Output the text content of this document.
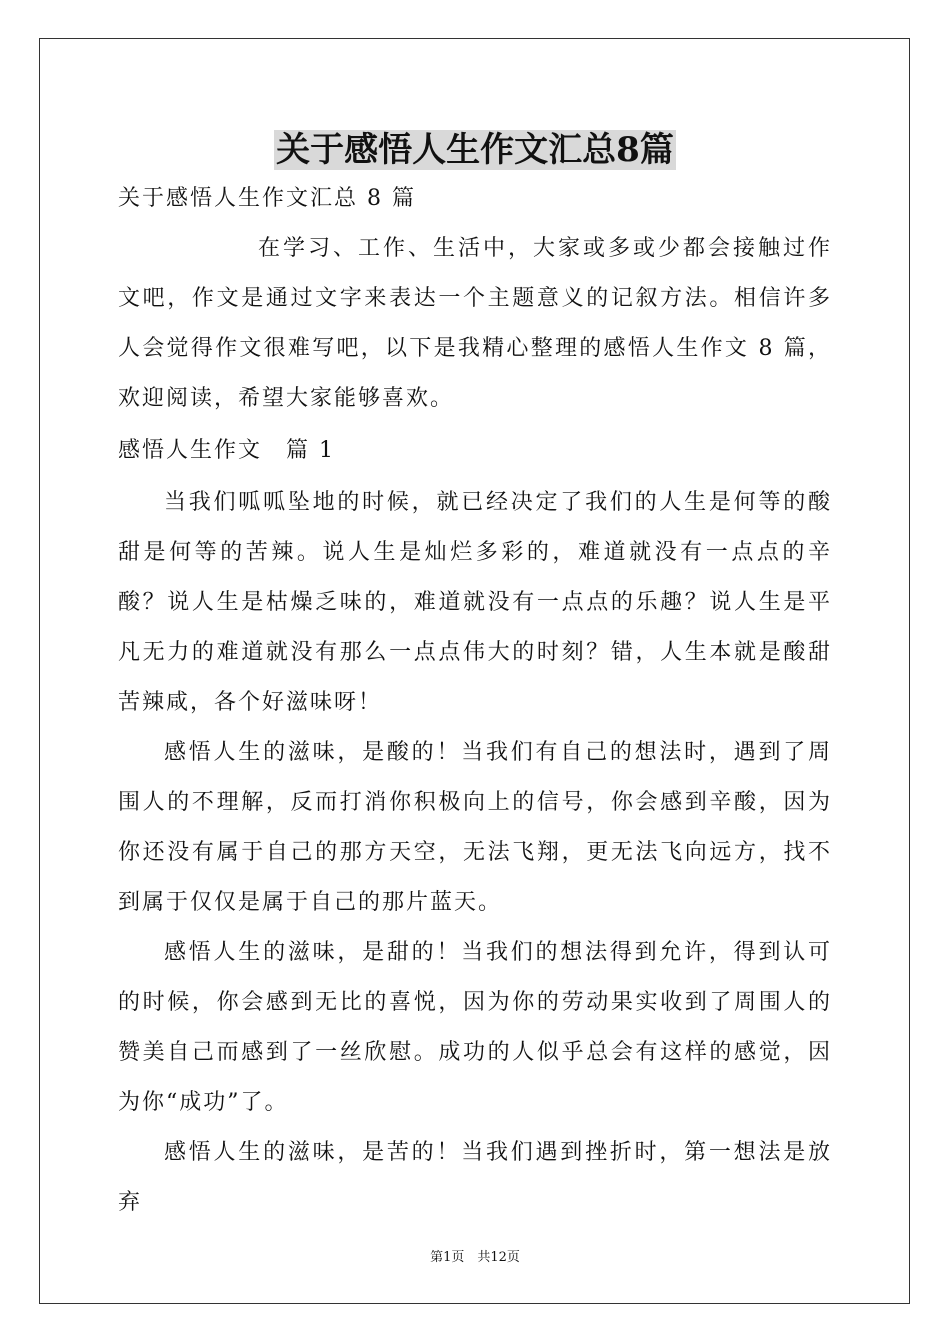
关于感悟人生作文汇总8篇

关于感悟人生作文汇总 8 篇

在学习、工作、生活中，大家或多或少都会接触过作文吧，作文是通过文字来表达一个主题意义的记叙方法。相信许多人会觉得作文很难写吧，以下是我精心整理的感悟人生作文 8 篇，欢迎阅读，希望大家能够喜欢。

感悟人生作文　篇 1

当我们呱呱坠地的时候，就已经决定了我们的人生是何等的酸甜是何等的苦辣。说人生是灿烂多彩的，难道就没有一点点的辛酸？说人生是枯燥乏味的，难道就没有一点点的乐趣？说人生是平凡无力的难道就没有那么一点点伟大的时刻？错，人生本就是酸甜苦辣咸，各个好滋味呀！

感悟人生的滋味，是酸的！当我们有自己的想法时，遇到了周围人的不理解，反而打消你积极向上的信号，你会感到辛酸，因为你还没有属于自己的那方天空，无法飞翔，更无法飞向远方，找不到属于仅仅是属于自己的那片蓝天。

感悟人生的滋味，是甜的！当我们的想法得到允许，得到认可的时候，你会感到无比的喜悦，因为你的劳动果实收到了周围人的赞美自己而感到了一丝欣慰。成功的人似乎总会有这样的感觉，因为你“成功”了。

感悟人生的滋味，是苦的！当我们遇到挫折时，第一想法是放弃

第1页　共12页
